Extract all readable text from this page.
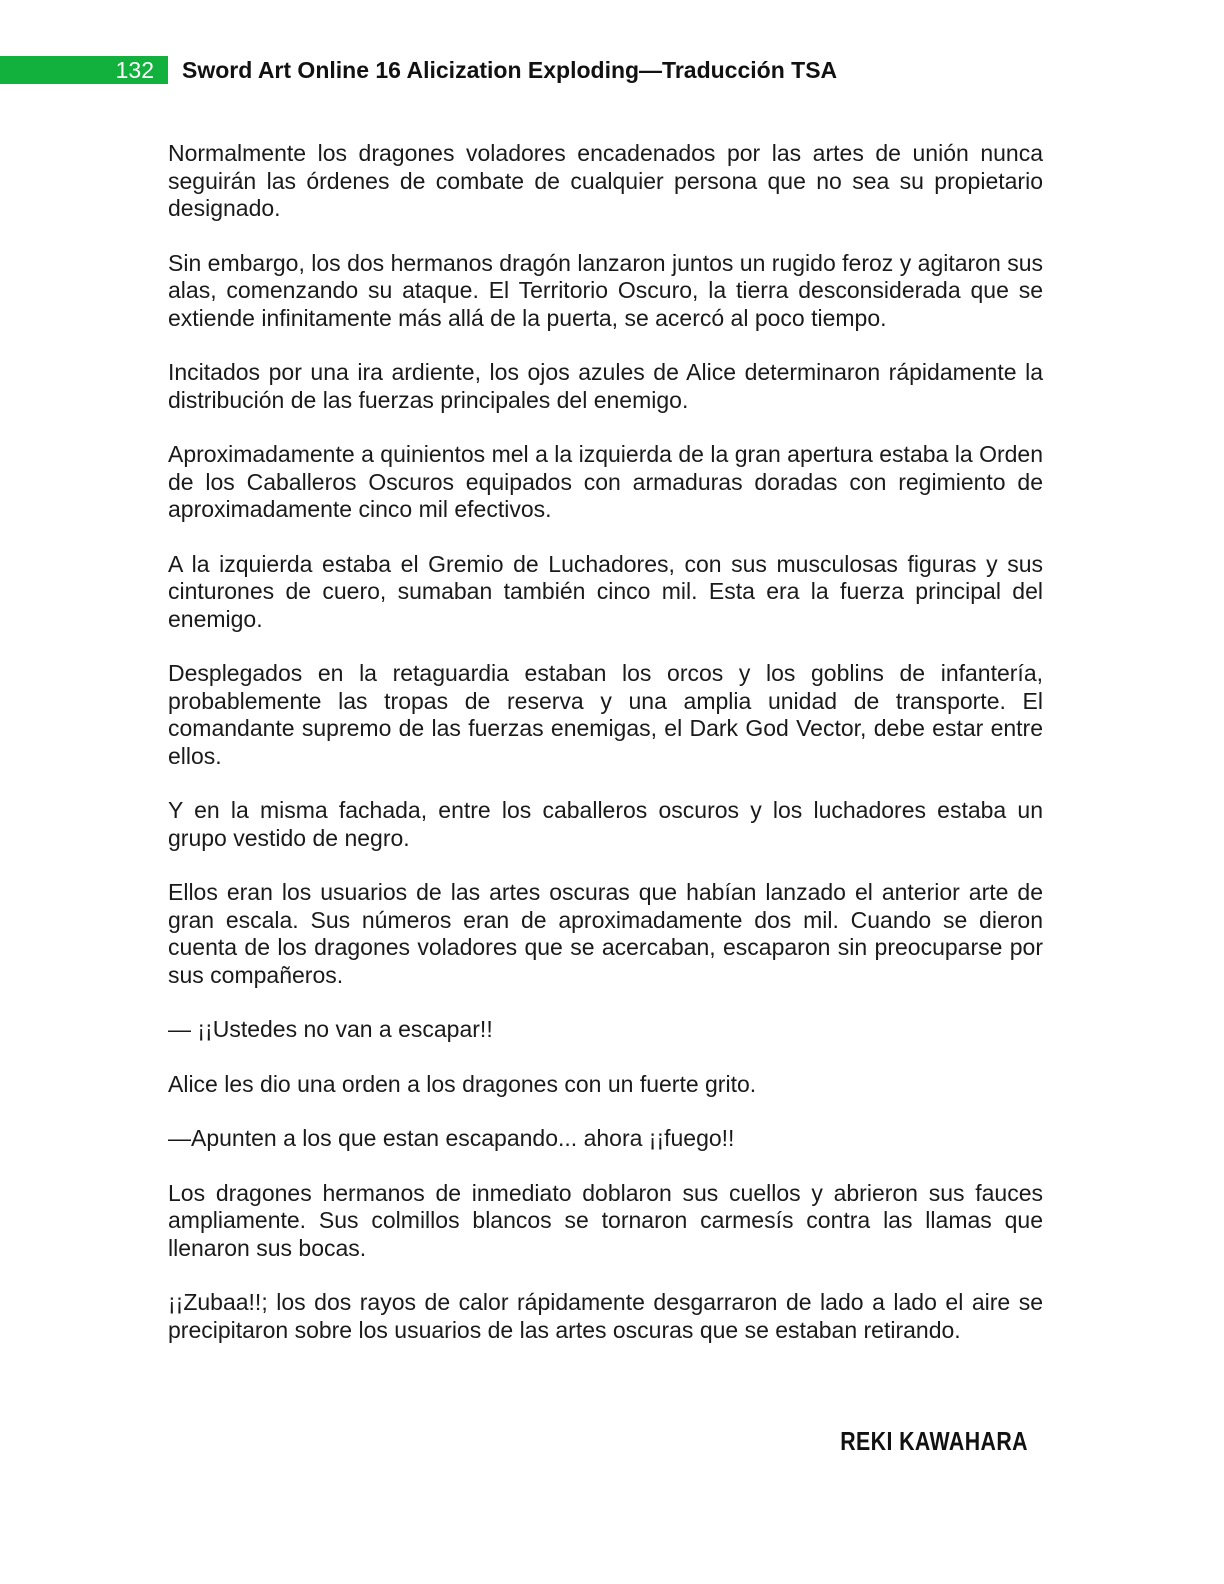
132 Sword Art Online 16 Alicization Exploding—Traducción TSA

Normalmente los dragones voladores encadenados por las artes de unión nunca seguirán las órdenes de combate de cualquier persona que no sea su propietario designado.

Sin embargo, los dos hermanos dragón lanzaron juntos un rugido feroz y agitaron sus alas, comenzando su ataque. El Territorio Oscuro, la tierra desconsiderada que se extiende infinitamente más allá de la puerta, se acercó al poco tiempo.

Incitados por una ira ardiente, los ojos azules de Alice determinaron rápidamente la distribución de las fuerzas principales del enemigo.

Aproximadamente a quinientos mel a la izquierda de la gran apertura estaba la Orden de los Caballeros Oscuros equipados con armaduras doradas con regimiento de aproximadamente cinco mil efectivos.

A la izquierda estaba el Gremio de Luchadores, con sus musculosas figuras y sus cinturones de cuero, sumaban también cinco mil. Esta era la fuerza principal del enemigo.

Desplegados en la retaguardia estaban los orcos y los goblins de infantería, probablemente las tropas de reserva y una amplia unidad de transporte. El comandante supremo de las fuerzas enemigas, el Dark God Vector, debe estar entre ellos.

Y en la misma fachada, entre los caballeros oscuros y los luchadores estaba un grupo vestido de negro.

Ellos eran los usuarios de las artes oscuras que habían lanzado el anterior arte de gran escala. Sus números eran de aproximadamente dos mil. Cuando se dieron cuenta de los dragones voladores que se acercaban, escaparon sin preocuparse por sus compañeros.

— ¡¡Ustedes no van a escapar!!

Alice les dio una orden a los dragones con un fuerte grito.

—Apunten a los que estan escapando... ahora ¡¡fuego!!

Los dragones hermanos de inmediato doblaron sus cuellos y abrieron sus fauces ampliamente. Sus colmillos blancos se tornaron carmesís contra las llamas que llenaron sus bocas.

¡¡Zubaa!!; los dos rayos de calor rápidamente desgarraron de lado a lado el aire se precipitaron sobre los usuarios de las artes oscuras que se estaban retirando.

REKI KAWAHARA
